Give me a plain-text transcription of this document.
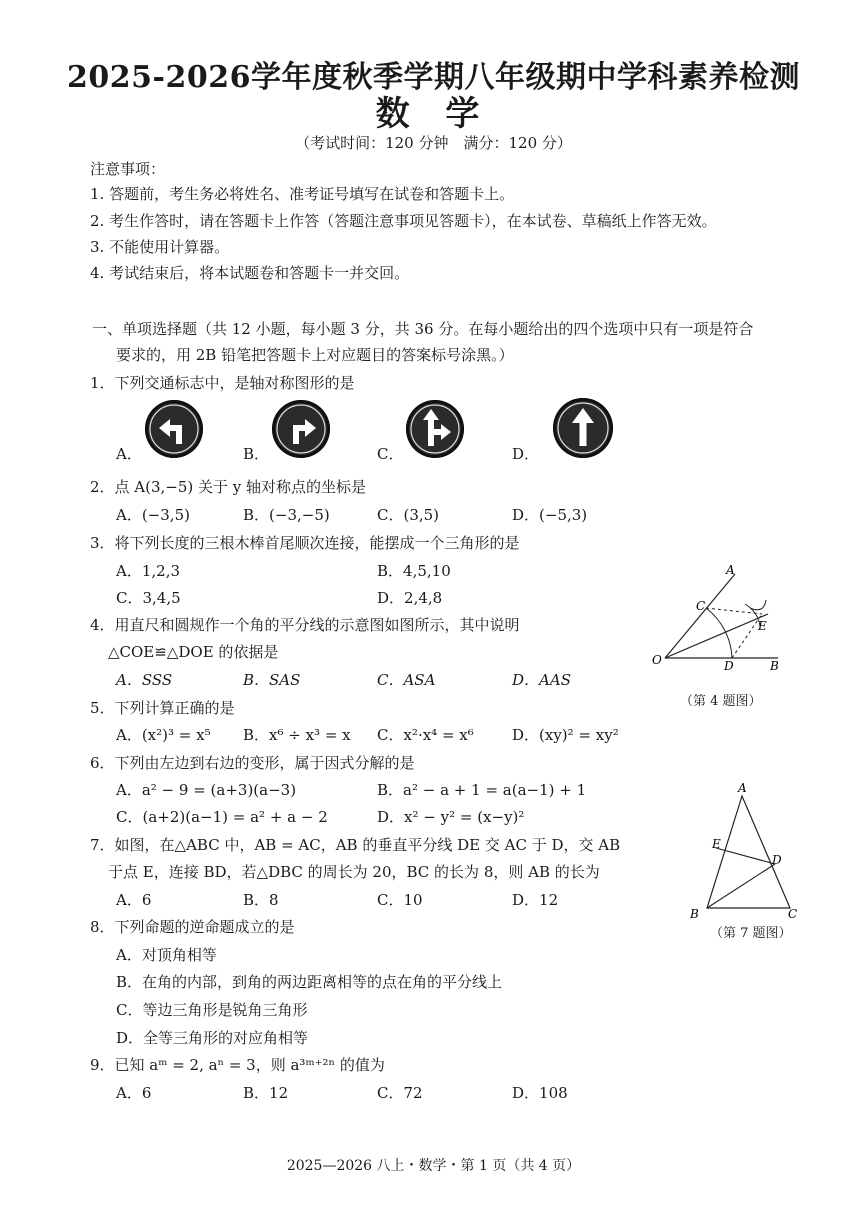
2025-2026学年度秋季学期八年级期中学科素养检测
数 学
（考试时间：120 分钟　满分：120 分）
注意事项：
1. 答题前，考生务必将姓名、准考证号填写在试卷和答题卡上。
2. 考生作答时，请在答题卡上作答（答题注意事项见答题卡），在本试卷、草稿纸上作答无效。
3. 不能使用计算器。
4. 考试结束后，将本试题卷和答题卡一并交回。
一、单项选择题（共 12 小题，每小题 3 分，共 36 分。在每小题给出的四个选项中只有一项是符合
要求的，用 2B 铅笔把答题卡上对应题目的答案标号涂黑。）
1．下列交通标志中，是轴对称图形的是
A．	B．	C．	D．
2．点 A(3,−5) 关于 y 轴对称点的坐标是
A．(−3,5)	B．(−3,−5)	C．(3,5)	D．(−5,3)
3．将下列长度的三根木棒首尾顺次连接，能摆成一个三角形的是
A．1,2,3	B．4,5,10
C．3,4,5	D．2,4,8
4．用直尺和圆规作一个角的平分线的示意图如图所示，其中说明
△COE≌△DOE 的依据是
A．SSS	B．SAS	C．ASA	D．AAS
A
C
E
O	D	B
（第 4 题图）
5．下列计算正确的是
A．(x²)³ = x⁵ B．x⁶ ÷ x³ = x C．x²·x⁴ = x⁶	D．(xy)² = xy²
6．下列由左边到右边的变形，属于因式分解的是
A．a² − 9 = (a+3)(a−3)	B．a² − a + 1 = a(a−1) + 1
C．(a+2)(a−1) = a² + a − 2	D．x² − y² = (x−y)²
7．如图，在△ABC 中，AB = AC，AB 的垂直平分线 DE 交 AC 于 D，交 AB
于点 E，连接 BD，若△DBC 的周长为 20，BC 的长为 8，则 AB 的长为
A．6	B．8	C．10	D．12
A
E
D
B	C
（第 7 题图）
8．下列命题的逆命题成立的是
A．对顶角相等
B．在角的内部，到角的两边距离相等的点在角的平分线上
C．等边三角形是锐角三角形
D．全等三角形的对应角相等
9．已知 aᵐ = 2, aⁿ = 3，则 a³ᵐ⁺²ⁿ 的值为
A．6	B．12	C．72	D．108
2025—2026 八上・数学・第 1 页（共 4 页）
